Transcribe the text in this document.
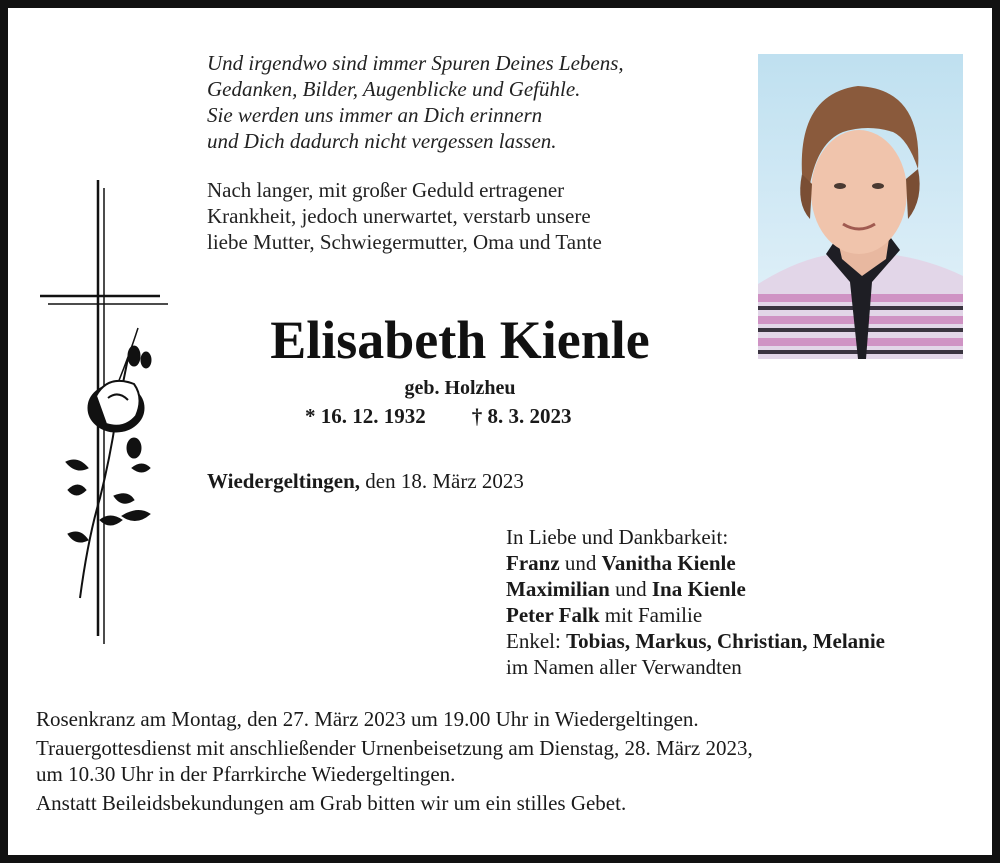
Und irgendwo sind immer Spuren Deines Lebens,
Gedanken, Bilder, Augenblicke und Gefühle.
Sie werden uns immer an Dich erinnern
und Dich dadurch nicht vergessen lassen.
Nach langer, mit großer Geduld ertragener
Krankheit, jedoch unerwartet, verstarb unsere
liebe Mutter, Schwiegermutter, Oma und Tante
Elisabeth Kienle
geb. Holzheu
* 16. 12. 1932 † 8. 3. 2023
Wiedergeltingen, den 18. März 2023
In Liebe und Dankbarkeit:
Franz und Vanitha Kienle
Maximilian und Ina Kienle
Peter Falk mit Familie
Enkel: Tobias, Markus, Christian, Melanie
im Namen aller Verwandten
Rosenkranz am Montag, den 27. März 2023 um 19.00 Uhr in Wiedergeltingen.
Trauergottesdienst mit anschließender Urnenbeisetzung am Dienstag, 28. März 2023,
um 10.30 Uhr in der Pfarrkirche Wiedergeltingen.
Anstatt Beileidsbekundungen am Grab bitten wir um ein stilles Gebet.
